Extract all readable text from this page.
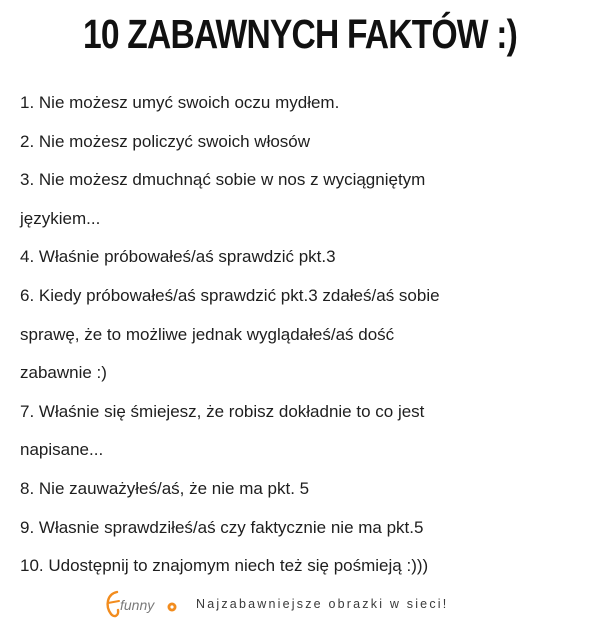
10 ZABAWNYCH FAKTÓW :)
1. Nie możesz umyć swoich oczu mydłem.
2. Nie możesz policzyć swoich włosów
3. Nie możesz dmuchnąć sobie w nos z wyciągniętym
językiem...
4. Właśnie próbowałeś/aś sprawdzić pkt.3
6. Kiedy próbowałeś/aś sprawdzić pkt.3 zdałeś/aś sobie
sprawę, że to możliwe jednak wyglądałeś/aś dość
zabawnie :)
7. Właśnie się śmiejesz, że robisz dokładnie to co jest
napisane...
8. Nie zauważyłeś/aś, że nie ma pkt. 5
9. Własnie sprawdziłeś/aś czy faktycznie nie ma pkt.5
10. Udostępnij to znajomym niech też się pośmieją :)))
funny	Najzabawniejsze obrazki w sieci!
